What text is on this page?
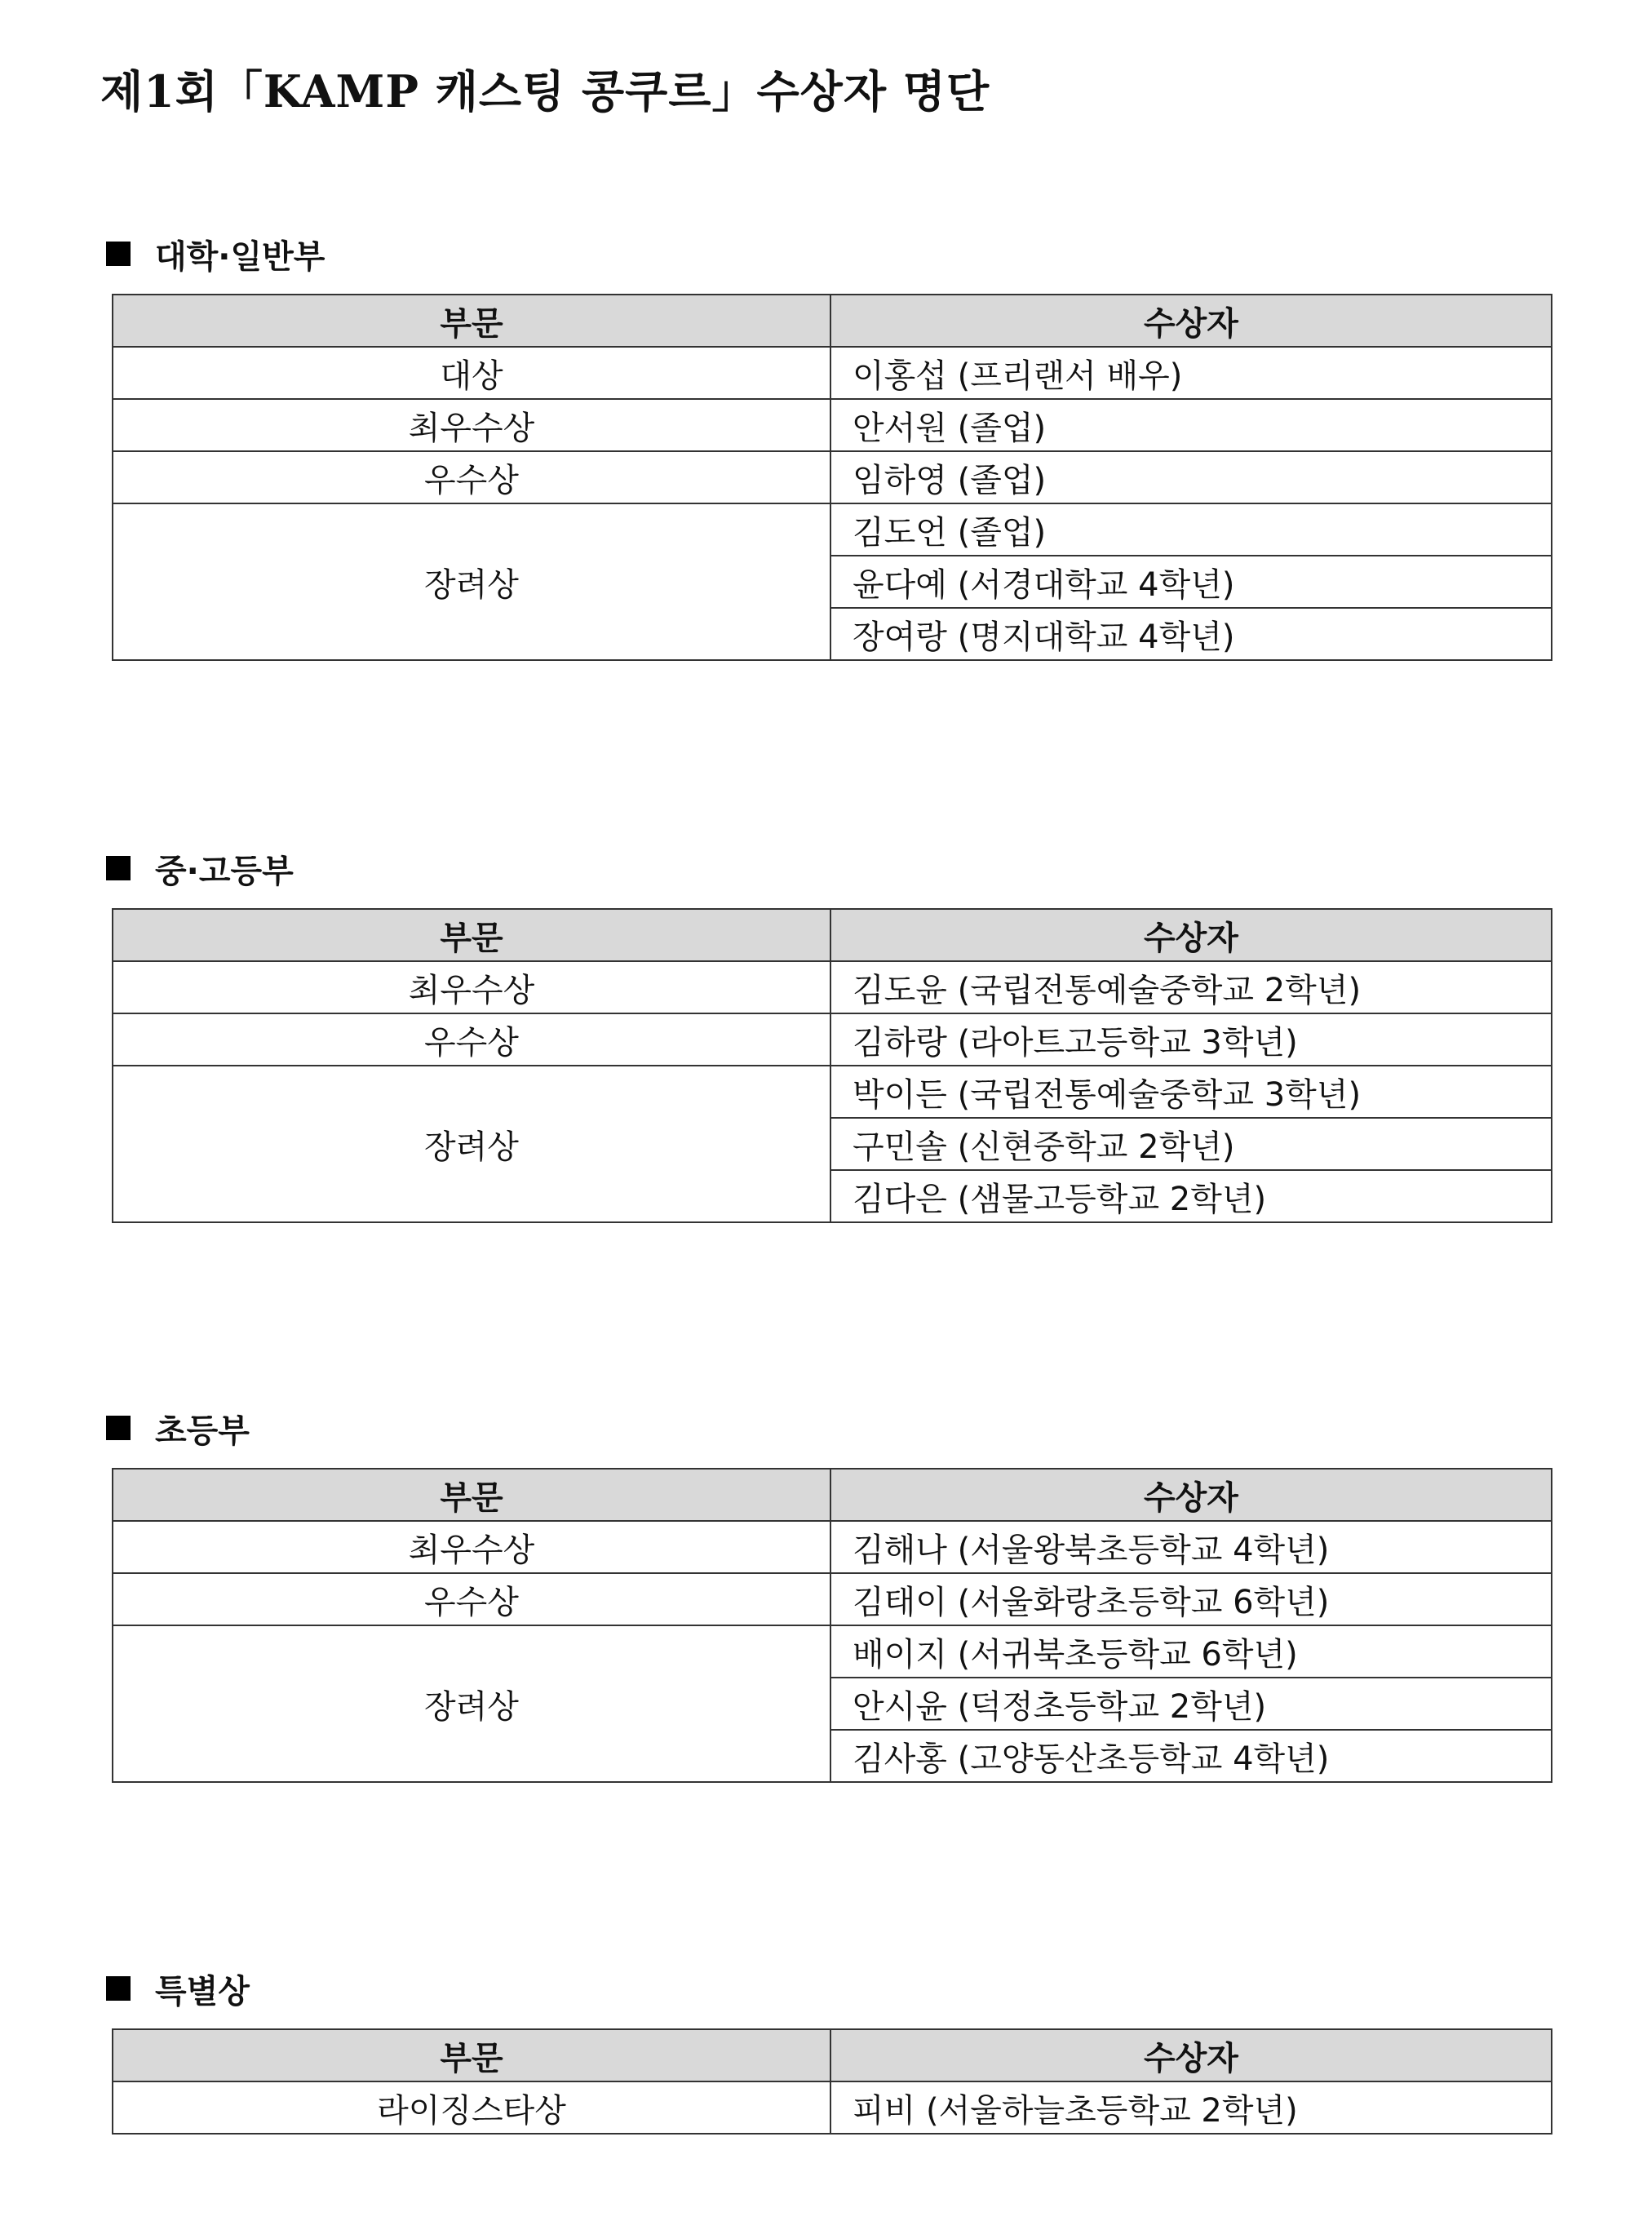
제1회「KAMP 캐스팅 콩쿠르」수상자 명단
대학·일반부
부문	수상자
대상	이홍섭 (프리랜서 배우)
최우수상	안서원 (졸업)
우수상	임하영 (졸업)
장려상	김도언 (졸업)
	윤다예 (서경대학교 4학년)
	장여랑 (명지대학교 4학년)
중·고등부
부문	수상자
최우수상	김도윤 (국립전통예술중학교 2학년)
우수상	김하랑 (라아트고등학교 3학년)
장려상	박이든 (국립전통예술중학교 3학년)
	구민솔 (신현중학교 2학년)
	김다은 (샘물고등학교 2학년)
초등부
부문	수상자
최우수상	김해나 (서울왕북초등학교 4학년)
우수상	김태이 (서울화랑초등학교 6학년)
장려상	배이지 (서귀북초등학교 6학년)
	안시윤 (덕정초등학교 2학년)
	김사홍 (고양동산초등학교 4학년)
특별상
부문	수상자
라이징스타상	피비 (서울하늘초등학교 2학년)
